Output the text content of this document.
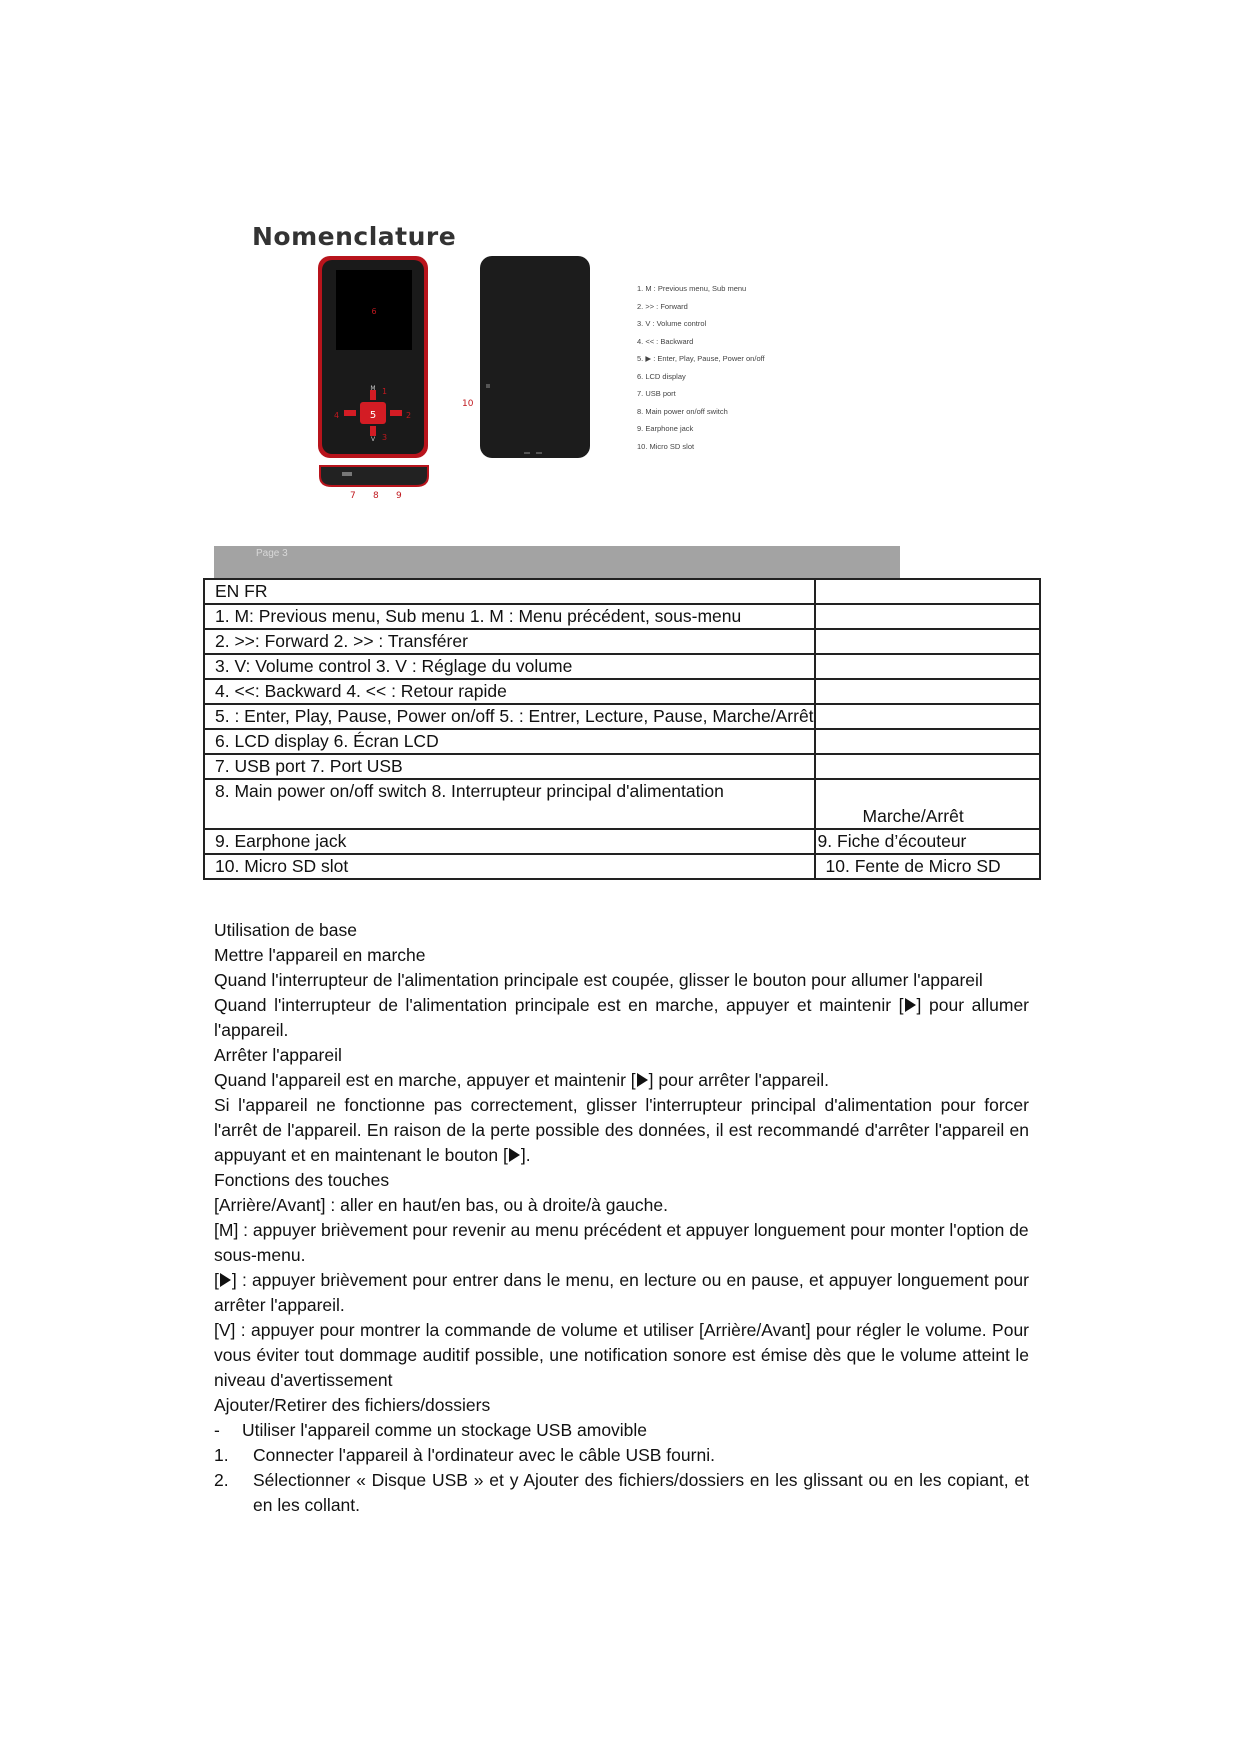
Nomenclature
6
5
M
V
1
2
3
4
7 8 9
10
1. M : Previous menu, Sub menu
2. >> : Forward
3. V : Volume control
4. << : Backward
5. ▶ : Enter, Play, Pause, Power on/off
6. LCD display
7. USB port
8. Main power on/off switch
9. Earphone jack
10. Micro SD slot
Page 3
EN FR	
1. M: Previous menu, Sub menu 1. M : Menu précédent, sous-menu	
2. >>: Forward 2. >> : Transférer	
3. V: Volume control 3. V : Réglage du volume	
4. <<: Backward 4. << : Retour rapide	
5. : Enter, Play, Pause, Power on/off 5. : Entrer, Lecture, Pause, Marche/Arrêt	
6. LCD display 6. Écran LCD	
7. USB port 7. Port USB	
8. Main power on/off switch 8. Interrupteur principal d'alimentation	Marche/Arrêt
9. Earphone jack	9. Fiche d’écouteur
10. Micro SD slot	10. Fente de Micro SD

Utilisation de base

Mettre l'appareil en marche

Quand l'interrupteur de l'alimentation principale est coupée, glisser le bouton pour allumer l'appareil

Quand l'interrupteur de l'alimentation principale est en marche, appuyer et maintenir [ ] pour allumer l'appareil.

Arrêter l'appareil

Quand l'appareil est en marche, appuyer et maintenir [ ] pour arrêter l'appareil.

Si l'appareil ne fonctionne pas correctement, glisser l'interrupteur principal d'alimentation pour forcer l'arrêt de l'appareil. En raison de la perte possible des données, il est recommandé d'arrêter l'appareil en appuyant et en maintenant le bouton [ ].

Fonctions des touches

[Arrière/Avant] : aller en haut/en bas, ou à droite/à gauche.

[M] : appuyer brièvement pour revenir au menu précédent et appuyer longuement pour monter l'option de sous-menu.

[ ] : appuyer brièvement pour entrer dans le menu, en lecture ou en pause, et appuyer longuement pour arrêter l'appareil.

[V] : appuyer pour montrer la commande de volume et utiliser [Arrière/Avant] pour régler le volume. Pour vous éviter tout dommage auditif possible, une notification sonore est émise dès que le volume atteint le niveau d'avertissement

Ajouter/Retirer des fichiers/dossiers

-	Utiliser l'appareil comme un stockage USB amovible
1.	Connecter l'appareil à l'ordinateur avec le câble USB fourni.
2.	Sélectionner « Disque USB » et y Ajouter des fichiers/dossiers en les glissant ou en les copiant, et en les collant.
